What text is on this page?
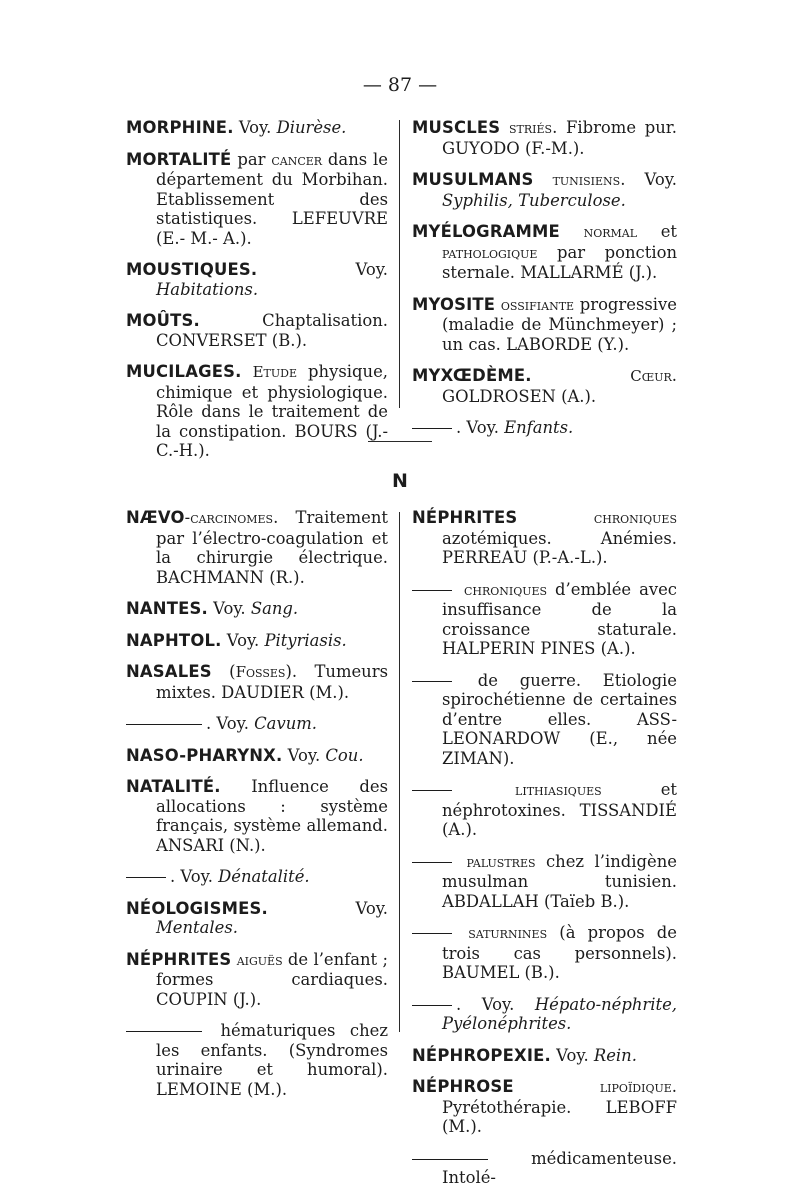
— 87 —
MORPHINE. Voy. Diurèse.
MORTALITÉ par cancer dans le département du Morbihan. Etablissement des statistiques. LEFEUVRE (E.- M.- A.).
MOUSTIQUES. Voy. Habitations.
MOÛTS. Chaptalisation. CONVERSET (B.).
MUCILAGES. Etude physique, chimique et physiologique. Rôle dans le traitement de la constipation. BOURS (J.- C.-H.).
MUSCLES striés. Fibrome pur. GUYODO (F.-M.).
MUSULMANS tunisiens. Voy. Syphilis, Tuberculose.
MYÉLOGRAMME normal et pathologique par ponction sternale. MALLARMÉ (J.).
MYOSITE ossifiante progressive (maladie de Münchmeyer) ; un cas. LABORDE (Y.).
MYXŒDÈME.	Cœur. GOLDROSEN (A.).
. Voy. Enfants.
N
NÆVO-carcinomes. Traitement par l’électro-coagulation et la chirurgie électrique. BACHMANN (R.).
NANTES. Voy. Sang.
NAPHTOL. Voy. Pityriasis.
NASALES (Fosses). Tumeurs mixtes. DAUDIER (M.).
. Voy. Cavum.
NASO-PHARYNX. Voy. Cou.
NATALITÉ. Influence des allocations : système français, système allemand. ANSARI (N.).
. Voy. Dénatalité.
NÉOLOGISMES. Voy. Mentales.
NÉPHRITES aiguës de l’enfant ; formes cardiaques. COUPIN (J.).
hématuriques chez les enfants. (Syndromes urinaire et humoral). LEMOINE (M.).
NÉPHRITES	chroniques azotémiques. Anémies. PERREAU (P.-A.-L.).
chroniques d’emblée avec insuffisance de la croissance staturale. HALPERIN PINES (A.).
de guerre. Etiologie spirochétienne de certaines d’entre elles. ASS-LEONARDOW (E., née ZIMAN).
lithiasiques et néphrotoxines. TISSANDIÉ (A.).
palustres chez l’indigène musulman tunisien. ABDALLAH (Taïeb B.).
saturnines (à propos de trois cas personnels). BAUMEL (B.).
. Voy. Hépato-néphrite, Pyélonéphrites.
NÉPHROPEXIE. Voy. Rein.
NÉPHROSE	lipoïdique. Pyrétothérapie. LEBOFF (M.).
médicamenteuse. Intolé-
